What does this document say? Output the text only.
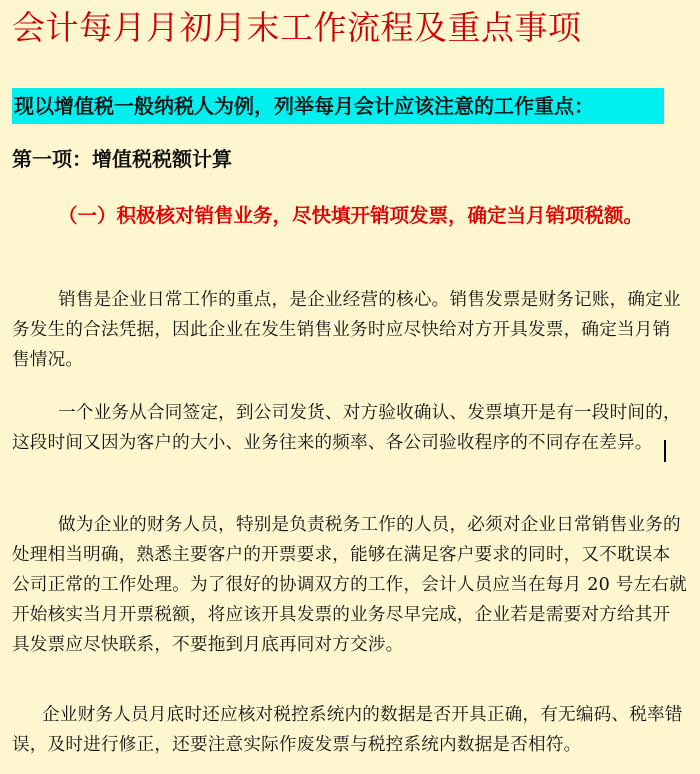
会计每月月初月末工作流程及重点事项
现以增值税一般纳税人为例，列举每月会计应该注意的工作重点：
第一项：增值税税额计算
（一）积极核对销售业务，尽快填开销项发票，确定当月销项税额。
销售是企业日常工作的重点，是企业经营的核心。销售发票是财务记账，确定业务发生的合法凭据，因此企业在发生销售业务时应尽快给对方开具发票，确定当月销售情况。
一个业务从合同签定，到公司发货、对方验收确认、发票填开是有一段时间的，这段时间又因为客户的大小、业务往来的频率、各公司验收程序的不同存在差异。
做为企业的财务人员，特别是负责税务工作的人员，必须对企业日常销售业务的处理相当明确，熟悉主要客户的开票要求，能够在满足客户要求的同时，又不耽误本公司正常的工作处理。为了很好的协调双方的工作，会计人员应当在每月 20 号左右就开始核实当月开票税额，将应该开具发票的业务尽早完成，企业若是需要对方给其开具发票应尽快联系，不要拖到月底再同对方交涉。
企业财务人员月底时还应核对税控系统内的数据是否开具正确，有无编码、税率错误，及时进行修正，还要注意实际作废发票与税控系统内数据是否相符。
